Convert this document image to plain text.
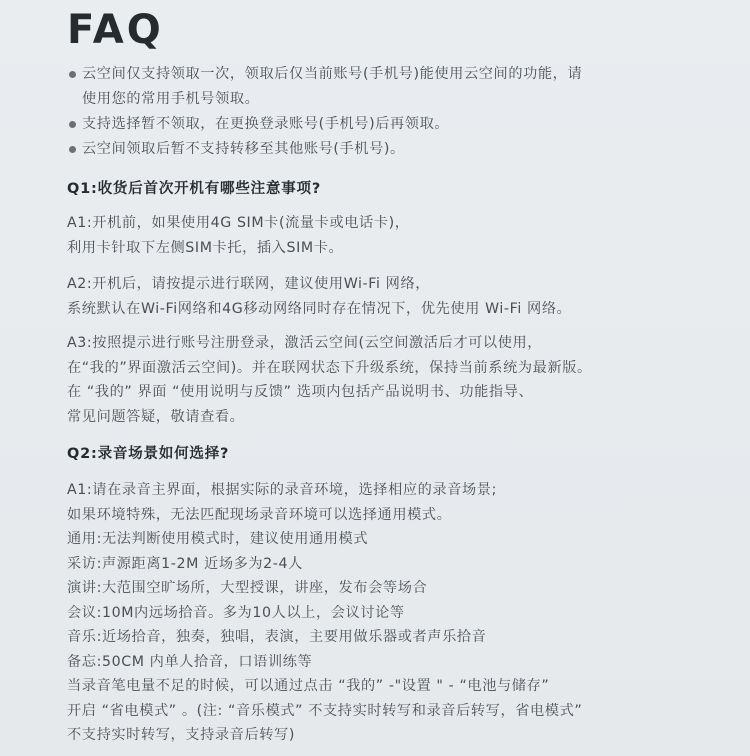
FAQ
云空间仅支持领取一次，领取后仅当前账号(手机号)能使用云空间的功能，请
使用您的常用手机号领取。
支持选择暂不领取，在更换登录账号(手机号)后再领取。
云空间领取后暂不支持转移至其他账号(手机号)。
Q1:收货后首次开机有哪些注意事项?
A1:开机前，如果使用4G SIM卡(流量卡或电话卡)，
利用卡针取下左侧SIM卡托，插入SIM卡。
A2:开机后，请按提示进行联网，建议使用Wi-Fi 网络，
系统默认在Wi-Fi网络和4G移动网络同时存在情况下，优先使用 Wi-Fi 网络。
A3:按照提示进行账号注册登录，激活云空间(云空间激活后才可以使用，
在“我的”界面激活云空间)。并在联网状态下升级系统，保持当前系统为最新版。
在 “我的” 界面 “使用说明与反馈” 选项内包括产品说明书、功能指导、
常见问题答疑，敬请查看。
Q2:录音场景如何选择?
A1:请在录音主界面，根据实际的录音环境，选择相应的录音场景;
如果环境特殊，无法匹配现场录音环境可以选择通用模式。
通用:无法判断使用模式时，建议使用通用模式
采访:声源距离1-2M 近场多为2-4人
演讲:大范围空旷场所，大型授课，讲座，发布会等场合
会议:10M内远场拾音。多为10人以上，会议讨论等
音乐:近场拾音，独奏，独唱，表演，主要用做乐器或者声乐拾音
备忘:50CM 内单人拾音，口语训练等
当录音笔电量不足的时候，可以通过点击 “我的” -"设置 " - “电池与储存”
开启 “省电模式” 。(注: “音乐模式” 不支持实时转写和录音后转写，省电模式”
不支持实时转写，支持录音后转写)
